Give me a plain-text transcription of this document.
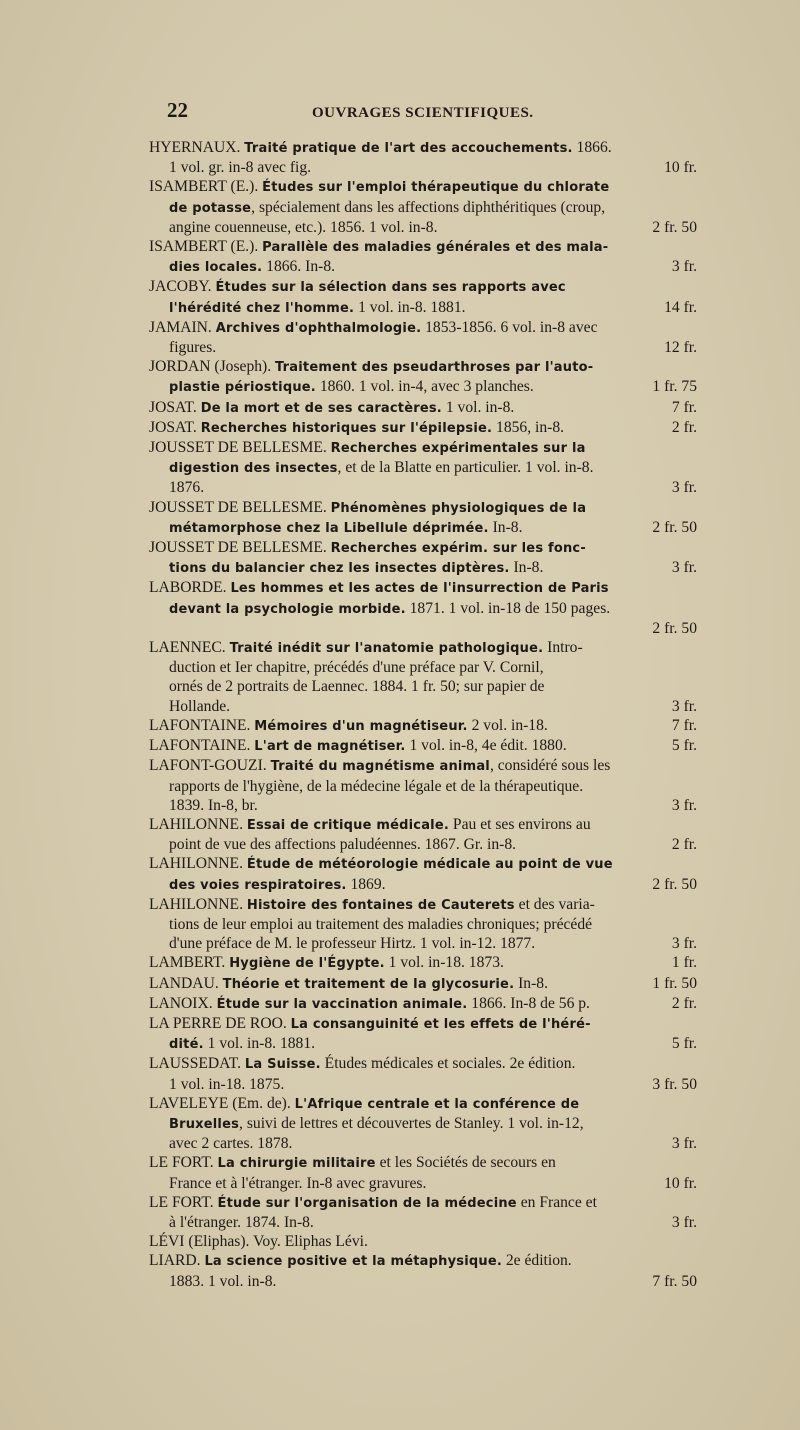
22	OUVRAGES SCIENTIFIQUES.

HYERNAUX. Traité pratique de l'art des accouchements. 1866.
1 vol. gr. in-8 avec fig.	10 fr.

ISAMBERT (E.). Études sur l'emploi thérapeutique du chlorate
de potasse, spécialement dans les affections diphthéritiques (croup,
angine couenneuse, etc.). 1856. 1 vol. in-8.	2 fr. 50

ISAMBERT (E.). Parallèle des maladies générales et des mala-
dies locales. 1866. In-8.	3 fr.

JACOBY. Études sur la sélection dans ses rapports avec
l'hérédité chez l'homme. 1 vol. in-8. 1881.	14 fr.

JAMAIN. Archives d'ophthalmologie. 1853-1856. 6 vol. in-8 avec
figures.	12 fr.

JORDAN (Joseph). Traitement des pseudarthroses par l'auto-
plastie périostique. 1860. 1 vol. in-4, avec 3 planches.	1 fr. 75

JOSAT. De la mort et de ses caractères. 1 vol. in-8.	7 fr.

JOSAT. Recherches historiques sur l'épilepsie. 1856, in-8.	2 fr.

JOUSSET DE BELLESME. Recherches expérimentales sur la
digestion des insectes, et de la Blatte en particulier. 1 vol. in-8.
1876.	3 fr.

JOUSSET DE BELLESME. Phénomènes physiologiques de la
métamorphose chez la Libellule déprimée. In-8.	2 fr. 50

JOUSSET DE BELLESME. Recherches expérim. sur les fonc-
tions du balancier chez les insectes diptères. In-8.	3 fr.

LABORDE. Les hommes et les actes de l'insurrection de Paris
devant la psychologie morbide. 1871. 1 vol. in-18 de 150 pages.
2 fr. 50

LAENNEC. Traité inédit sur l'anatomie pathologique. Intro-
duction et Ier chapitre, précédés d'une préface par V. Cornil,
ornés de 2 portraits de Laennec. 1884. 1 fr. 50; sur papier de
Hollande.	3 fr.

LAFONTAINE. Mémoires d'un magnétiseur. 2 vol. in-18.	7 fr.

LAFONTAINE. L'art de magnétiser. 1 vol. in-8, 4e édit. 1880.	5 fr.

LAFONT-GOUZI. Traité du magnétisme animal, considéré sous les
rapports de l'hygiène, de la médecine légale et de la thérapeutique.
1839. In-8, br.	3 fr.

LAHILONNE. Essai de critique médicale. Pau et ses environs au
point de vue des affections paludéennes. 1867. Gr. in-8.	2 fr.

LAHILONNE. Étude de météorologie médicale au point de vue
des voies respiratoires. 1869.	2 fr. 50

LAHILONNE. Histoire des fontaines de Cauterets et des varia-
tions de leur emploi au traitement des maladies chroniques; précédé
d'une préface de M. le professeur Hirtz. 1 vol. in-12. 1877.	3 fr.

LAMBERT. Hygiène de l'Égypte. 1 vol. in-18. 1873.	1 fr.

LANDAU. Théorie et traitement de la glycosurie. In-8.	1 fr. 50

LANOIX. Étude sur la vaccination animale. 1866. In-8 de 56 p.	2 fr.

LA PERRE DE ROO. La consanguinité et les effets de l'héré-
dité. 1 vol. in-8. 1881.	5 fr.

LAUSSEDAT. La Suisse. Études médicales et sociales. 2e édition.
1 vol. in-18. 1875.	3 fr. 50

LAVELEYE (Em. de). L'Afrique centrale et la conférence de
Bruxelles, suivi de lettres et découvertes de Stanley. 1 vol. in-12,
avec 2 cartes. 1878.	3 fr.

LE FORT. La chirurgie militaire et les Sociétés de secours en
France et à l'étranger. In-8 avec gravures.	10 fr.

LE FORT. Étude sur l'organisation de la médecine en France et
à l'étranger. 1874. In-8.	3 fr.

LÉVI (Eliphas). Voy. Eliphas Lévi.

LIARD. La science positive et la métaphysique. 2e édition.
1883. 1 vol. in-8.	7 fr. 50
